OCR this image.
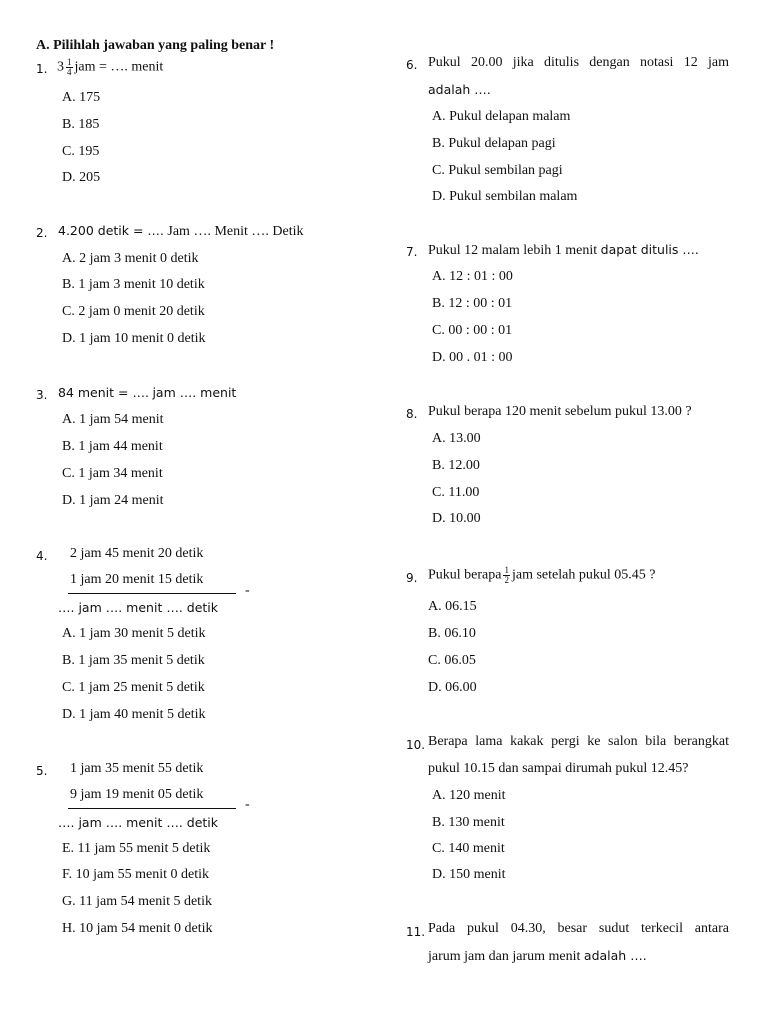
A. Pilihlah jawaban yang paling benar !
1. $3 \frac{1}{4}$ jam = …. menit
A. 175
B. 185
C. 195
D. 205
2. 4.200 detik = …. Jam …. Menit …. Detik
A. 2 jam 3 menit 0 detik
B. 1 jam 3 menit 10 detik
C. 2 jam 0 menit 20 detik
D. 1 jam 10 menit 0 detik
3. 84 menit = …. jam …. menit
A. 1 jam 54 menit
B. 1 jam 44 menit
C. 1 jam 34 menit
D. 1 jam 24 menit
4. 2 jam 45 menit 20 detik
1 jam 20 menit 15 detik
-
…. jam …. menit …. detik
A. 1 jam 30 menit 5 detik
B. 1 jam 35 menit 5 detik
C. 1 jam 25 menit 5 detik
D. 1 jam 40 menit 5 detik
5. 1 jam 35 menit 55 detik
9 jam 19 menit 05 detik
-
…. jam …. menit …. detik
E. 11 jam 55 menit 5 detik
F. 10 jam 55 menit 0 detik
G. 11 jam 54 menit 5 detik
H. 10 jam 54 menit 0 detik
6. Pukul 20.00 jika ditulis dengan notasi 12 jam
adalah ….
A. Pukul delapan malam
B. Pukul delapan pagi
C. Pukul sembilan pagi
D. Pukul sembilan malam
7. Pukul 12 malam lebih 1 menit dapat ditulis ….
A. 12 : 01 : 00
B. 12 : 00 : 01
C. 00 : 00 : 01
D. 00 . 01 : 00
8. Pukul berapa 120 menit sebelum pukul 13.00 ?
A. 13.00
B. 12.00
C. 11.00
D. 10.00
9. Pukul berapa $\frac{1}{2}$ jam setelah pukul 05.45 ?
A. 06.15
B. 06.10
C. 06.05
D. 06.00
10. Berapa lama kakak pergi ke salon bila berangkat
pukul 10.15 dan sampai dirumah pukul 12.45?
A. 120 menit
B. 130 menit
C. 140 menit
D. 150 menit
11. Pada pukul 04.30, besar sudut terkecil antara
jarum jam dan jarum menit adalah ….
